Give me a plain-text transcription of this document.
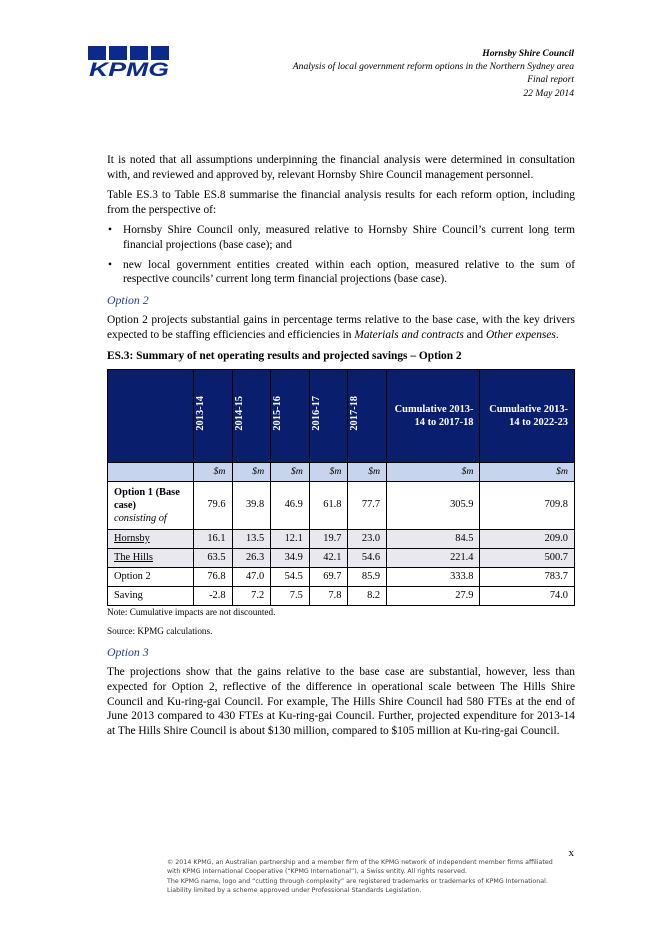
KPMG
Hornsby Shire Council
Analysis of local government reform options in the Northern Sydney area
Final report
22 May 2014

It is noted that all assumptions underpinning the financial analysis were determined in consultation with, and reviewed and approved by, relevant Hornsby Shire Council management personnel.

Table ES.3 to Table ES.8 summarise the financial analysis results for each reform option, including from the perspective of:

• Hornsby Shire Council only, measured relative to Hornsby Shire Council’s current long term financial projections (base case); and
• new local government entities created within each option, measured relative to the sum of respective councils’ current long term financial projections (base case).
Option 2

Option 2 projects substantial gains in percentage terms relative to the base case, with the key drivers expected to be staffing efficiencies and efficiencies in Materials and contracts and Other expenses.

ES.3: Summary of net operating results and projected savings – Option 2
	2013-14	2014-15	2015-16	2016-17	2017-18	Cumulative 2013-14 to 2017-18	Cumulative 2013-14 to 2022-23
	$m	$m	$m	$m	$m	$m	$m
Option 1 (Base case)
consisting of	79.6	39.8	46.9	61.8	77.7	305.9	709.8
Hornsby	16.1	13.5	12.1	19.7	23.0	84.5	209.0
The Hills	63.5	26.3	34.9	42.1	54.6	221.4	500.7
Option 2	76.8	47.0	54.5	69.7	85.9	333.8	783.7
Saving	-2.8	7.2	7.5	7.8	8.2	27.9	74.0

Note: Cumulative impacts are not discounted.

Source: KPMG calculations.

Option 3

The projections show that the gains relative to the base case are substantial, however, less than expected for Option 2, reflective of the difference in operational scale between The Hills Shire Council and Ku-ring-gai Council. For example, The Hills Shire Council had 580 FTEs at the end of June 2013 compared to 430 FTEs at Ku-ring-gai Council. Further, projected expenditure for 2013-14 at The Hills Shire Council is about $130 million, compared to $105 million at Ku-ring-gai Council.

x

© 2014 KPMG, an Australian partnership and a member firm of the KPMG network of independent member firms affiliated with KPMG International Cooperative (“KPMG International”), a Swiss entity. All rights reserved.

The KPMG name, logo and “cutting through complexity” are registered trademarks or trademarks of KPMG International.

Liability limited by a scheme approved under Professional Standards Legislation.
